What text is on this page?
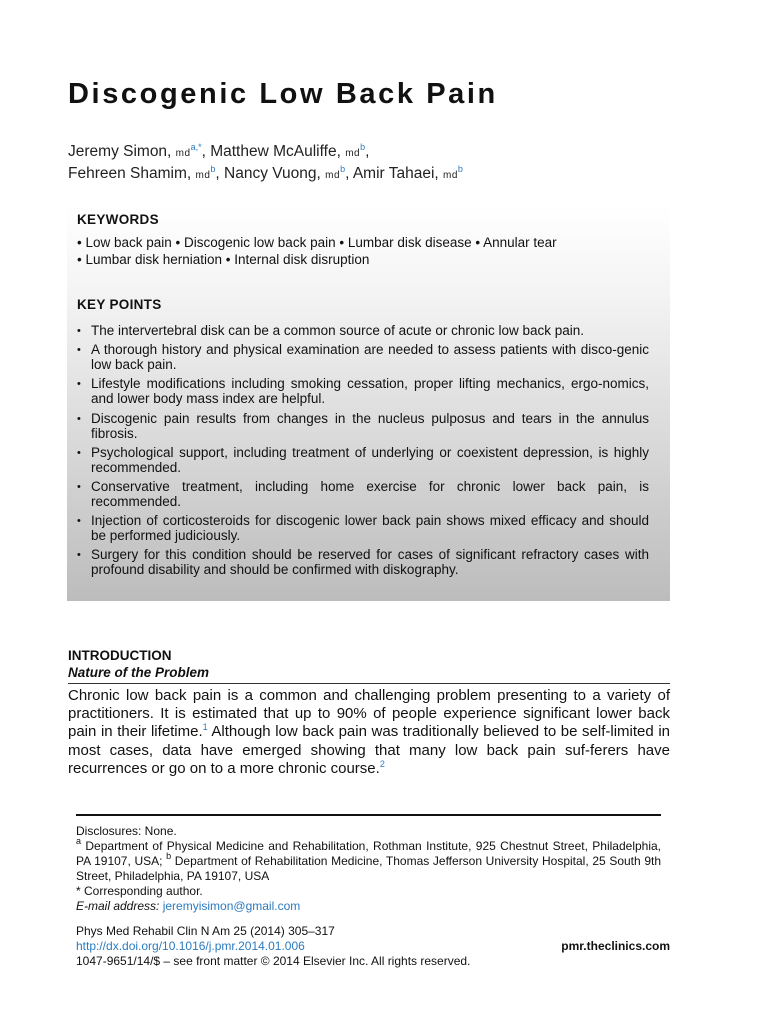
Discogenic Low Back Pain
Jeremy Simon, $md^{a,*}$, Matthew McAuliffe, $md^b$,
Fehreen Shamim, $md^b$, Nancy Vuong, $md^b$, Amir Tahaei, $md^b$
KEYWORDS
• Low back pain • Discogenic low back pain • Lumbar disk disease • Annular tear
• Lumbar disk herniation • Internal disk disruption
KEY POINTS
• The intervertebral disk can be a common source of acute or chronic low back pain.
• A thorough history and physical examination are needed to assess patients with disco-genic low back pain.
• Lifestyle modifications including smoking cessation, proper lifting mechanics, ergo-nomics, and lower body mass index are helpful.
• Discogenic pain results from changes in the nucleus pulposus and tears in the annulus fibrosis.
• Psychological support, including treatment of underlying or coexistent depression, is highly recommended.
• Conservative treatment, including home exercise for chronic lower back pain, is recommended.
• Injection of corticosteroids for discogenic lower back pain shows mixed efficacy and should be performed judiciously.
• Surgery for this condition should be reserved for cases of significant refractory cases with profound disability and should be confirmed with diskography.
INTRODUCTION
Nature of the Problem
Chronic low back pain is a common and challenging problem presenting to a variety of practitioners. It is estimated that up to 90% of people experience significant lower back pain in their lifetime.$^1$ Although low back pain was traditionally believed to be self-limited in most cases, data have emerged showing that many low back pain suf-ferers have recurrences or go on to a more chronic course.$^2$

Disclosures: None.

$^a$ Department of Physical Medicine and Rehabilitation, Rothman Institute, 925 Chestnut Street, Philadelphia, PA 19107, USA; $^b$ Department of Rehabilitation Medicine, Thomas Jefferson University Hospital, 25 South 9th Street, Philadelphia, PA 19107, USA

* Corresponding author.

E-mail address: jeremyisimon@gmail.com

Phys Med Rehabil Clin N Am 25 (2014) 305–317

http://dx.doi.org/10.1016/j.pmr.2014.01.006

1047-9651/14/$ – see front matter © 2014 Elsevier Inc. All rights reserved.

pmr.theclinics.com
